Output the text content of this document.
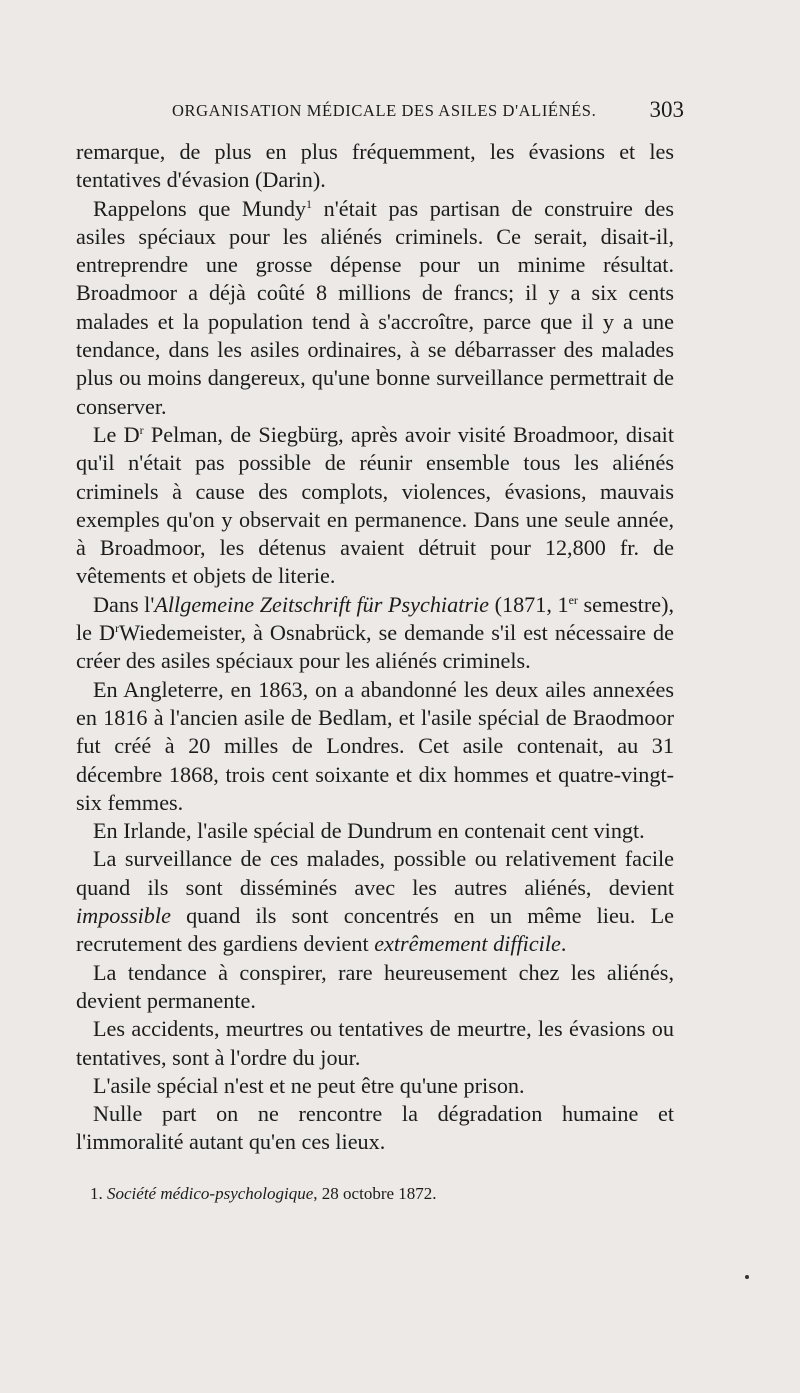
ORGANISATION MÉDICALE DES ASILES D'ALIÉNÉS. 303

remarque, de plus en plus fréquemment, les évasions et les tentatives d'évasion (Darin).

Rappelons que Mundy$^1$ n'était pas partisan de construire des asiles spéciaux pour les aliénés criminels. Ce serait, disait-il, entreprendre une grosse dépense pour un minime résultat. Broadmoor a déjà coûté 8 millions de francs; il y a six cents malades et la population tend à s'accroître, parce que il y a une tendance, dans les asiles ordinaires, à se débarrasser des malades plus ou moins dangereux, qu'une bonne surveillance permettrait de conserver.

Le $D^r$ Pelman, de Siegbürg, après avoir visité Broadmoor, disait qu'il n'était pas possible de réunir ensemble tous les aliénés criminels à cause des complots, violences, évasions, mauvais exemples qu'on y observait en permanence. Dans une seule année, à Broadmoor, les détenus avaient détruit pour 12,800 fr. de vêtements et objets de literie.

Dans l'Allgemeine Zeitschrift für Psychiatrie (1871, 1er semestre), le $D^rWiedemeister$, à Osnabrück, se demande s'il est nécessaire de créer des asiles spéciaux pour les aliénés criminels.

En Angleterre, en 1863, on a abandonné les deux ailes annexées en 1816 à l'ancien asile de Bedlam, et l'asile spécial de Braodmoor fut créé à 20 milles de Londres. Cet asile contenait, au 31 décembre 1868, trois cent soixante et dix hommes et quatre-vingt-six femmes.

En Irlande, l'asile spécial de Dundrum en contenait cent vingt.

La surveillance de ces malades, possible ou relativement facile quand ils sont disséminés avec les autres aliénés, devient impossible quand ils sont concentrés en un même lieu. Le recrutement des gardiens devient extrêmement difficile.

La tendance à conspirer, rare heureusement chez les aliénés, devient permanente.

Les accidents, meurtres ou tentatives de meurtre, les évasions ou tentatives, sont à l'ordre du jour.

L'asile spécial n'est et ne peut être qu'une prison.

Nulle part on ne rencontre la dégradation humaine et l'immoralité autant qu'en ces lieux.

1. Société médico-psychologique, 28 octobre 1872.
